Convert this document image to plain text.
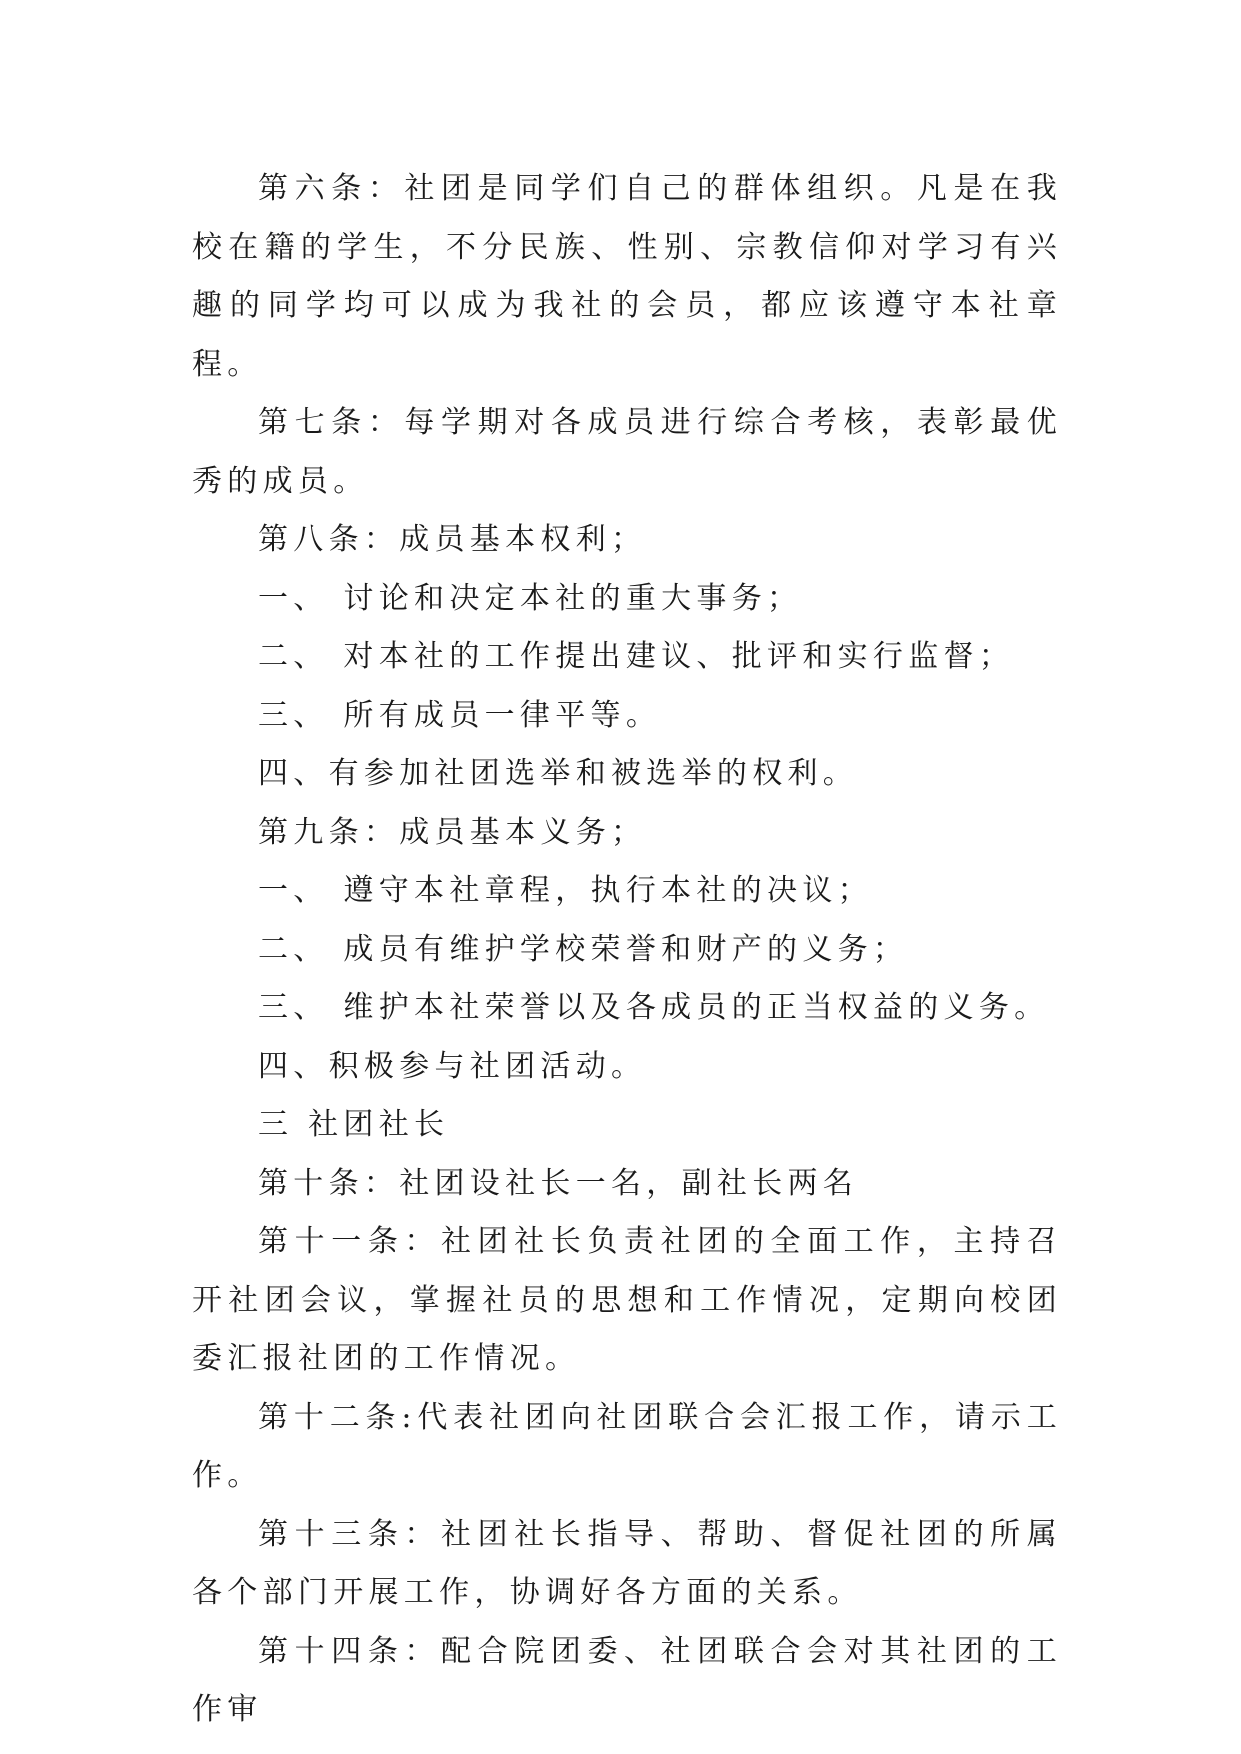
第六条：社团是同学们自己的群体组织。凡是在我校在籍的学生，不分民族、性别、宗教信仰对学习有兴趣的同学均可以成为我社的会员，都应该遵守本社章程。

第七条：每学期对各成员进行综合考核，表彰最优秀的成员。

第八条：成员基本权利；

一、 讨论和决定本社的重大事务；

二、 对本社的工作提出建议、批评和实行监督；

三、 所有成员一律平等。

四、有参加社团选举和被选举的权利。

第九条：成员基本义务；

一、 遵守本社章程，执行本社的决议；

二、 成员有维护学校荣誉和财产的义务；

三、 维护本社荣誉以及各成员的正当权益的义务。

四、积极参与社团活动。

三 社团社长

第十条：社团设社长一名，副社长两名

第十一条：社团社长负责社团的全面工作，主持召开社团会议，掌握社员的思想和工作情况，定期向校团委汇报社团的工作情况。

第十二条:代表社团向社团联合会汇报工作，请示工作。

第十三条：社团社长指导、帮助、督促社团的所属各个部门开展工作，协调好各方面的关系。

第十四条：配合院团委、社团联合会对其社团的工作审
